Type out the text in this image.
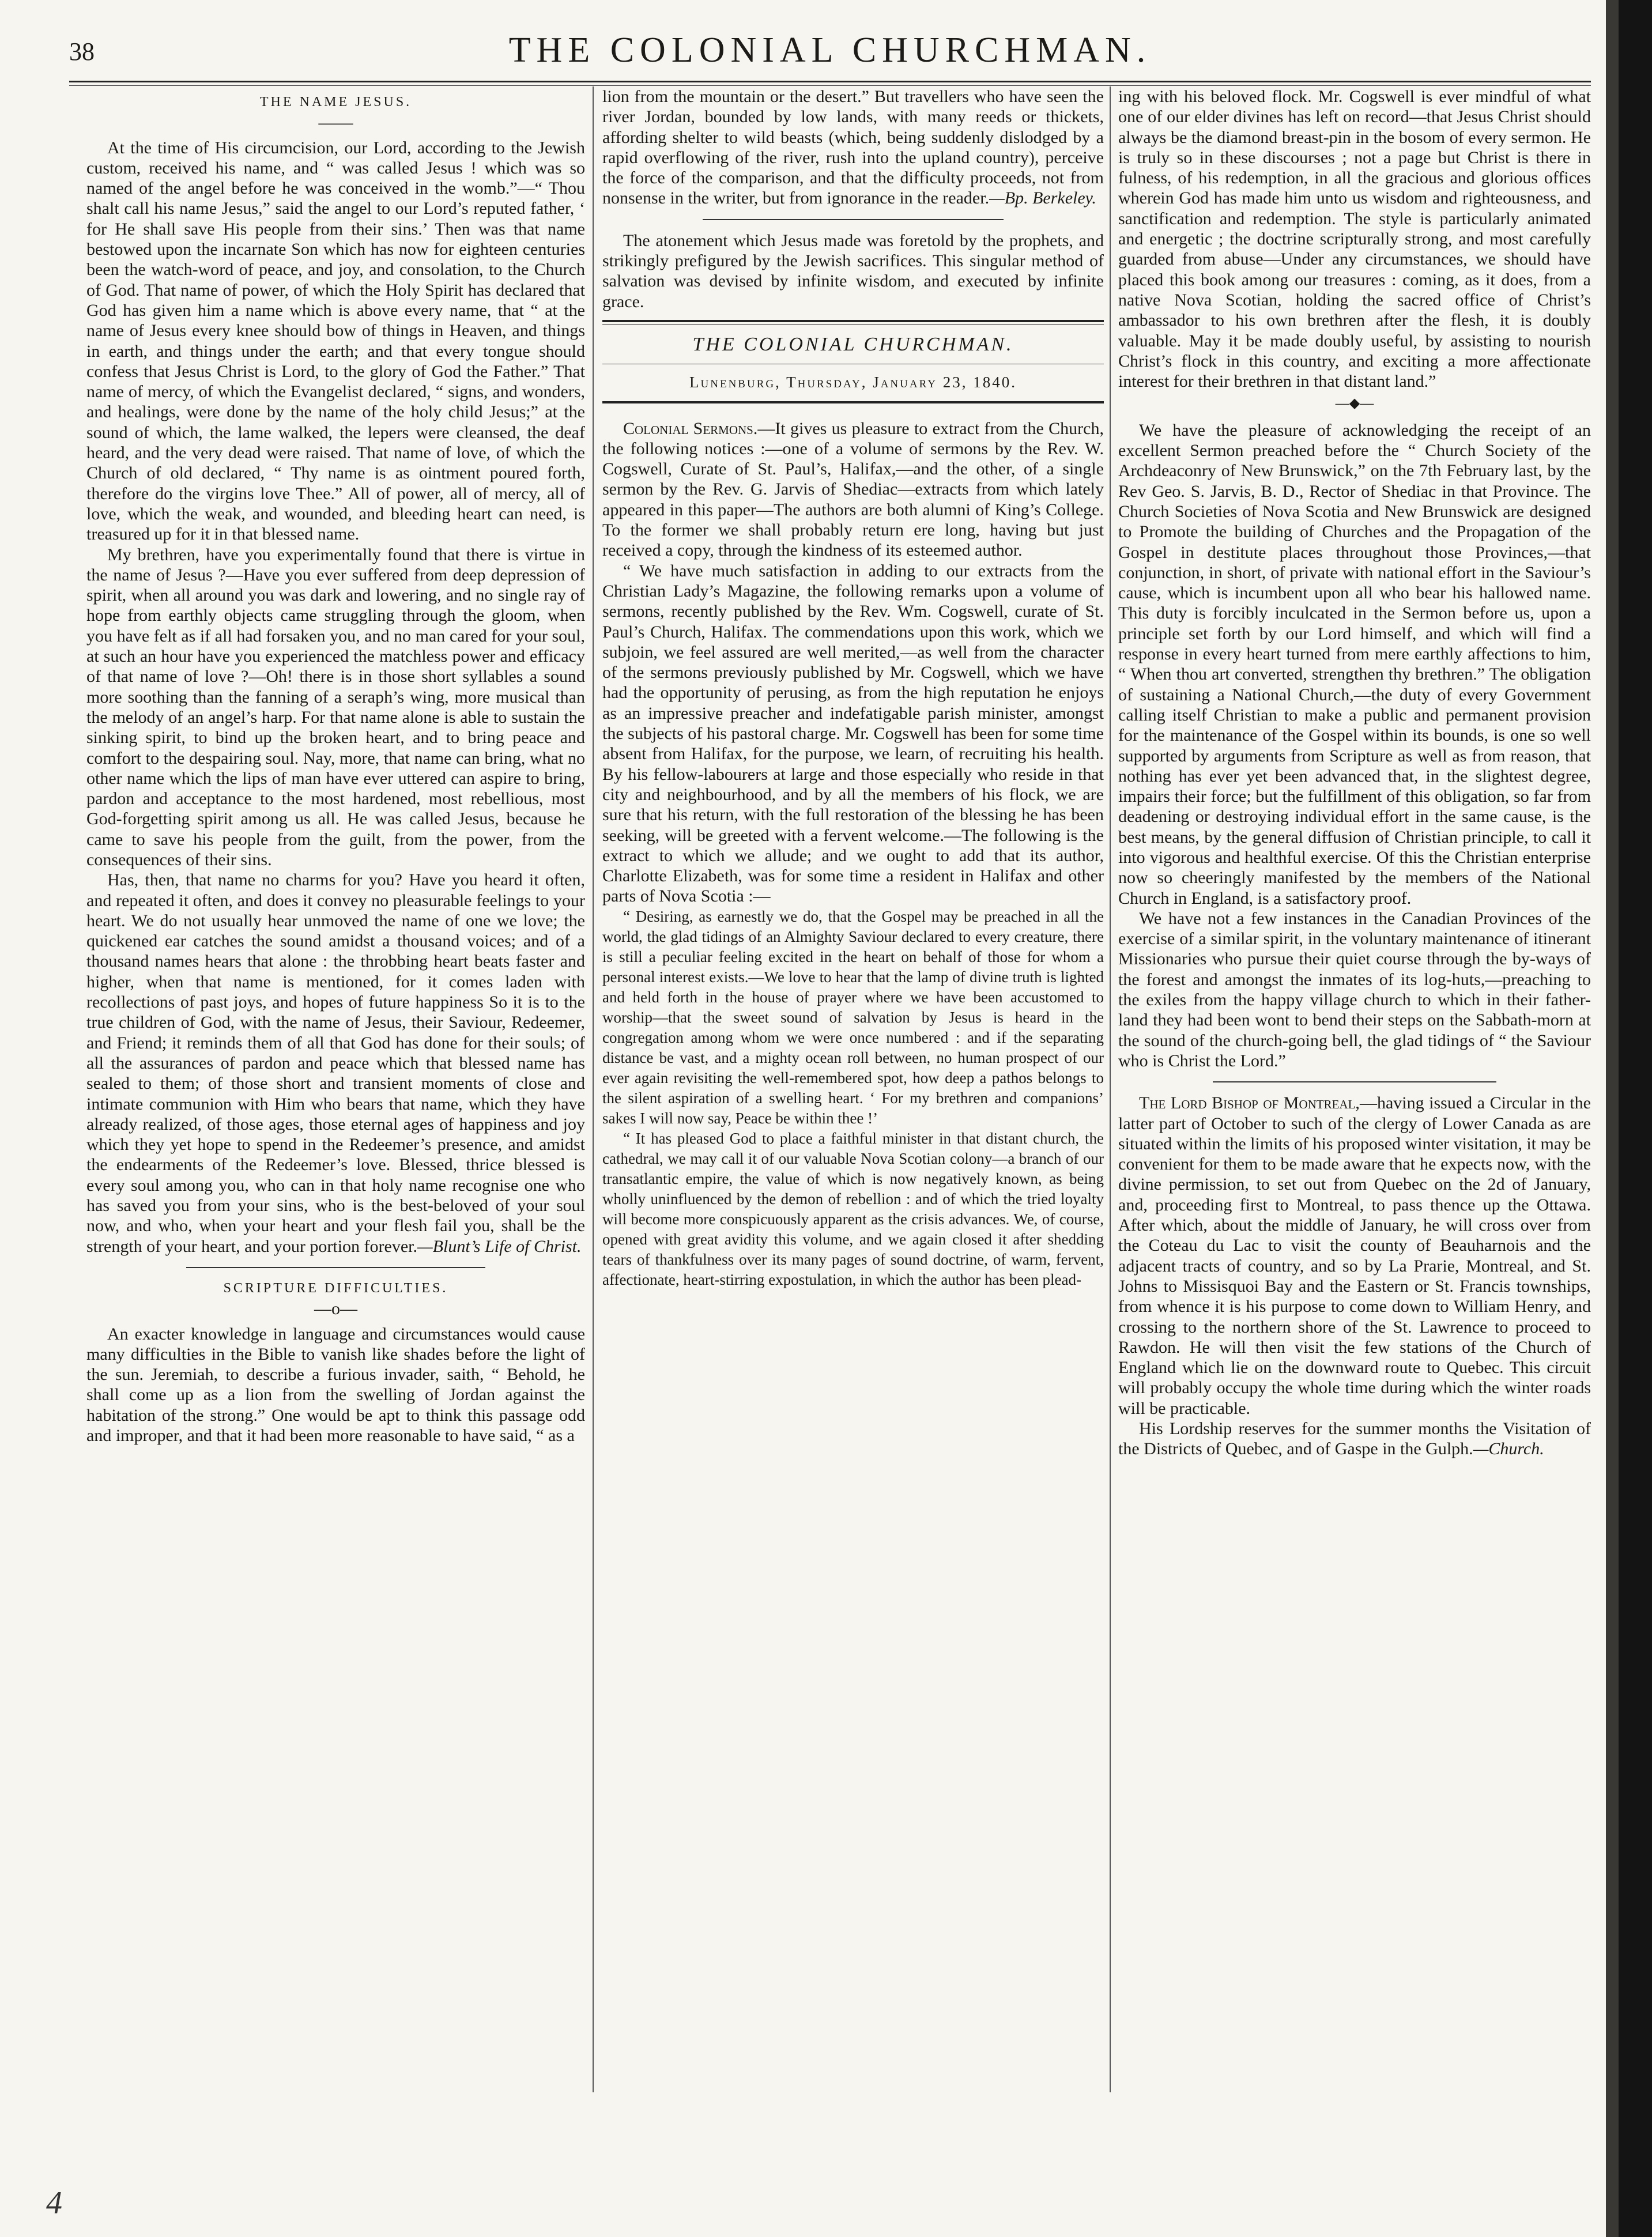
38	THE COLONIAL CHURCHMAN.

THE NAME JESUS.

——

At the time of His circumcision, our Lord, according to the Jewish custom, received his name, and “ was called Jesus ! which was so named of the angel before he was conceived in the womb.”—“ Thou shalt call his name Jesus,” said the angel to our Lord’s reputed father, ‘ for He shall save His people from their sins.’ Then was that name bestowed upon the incarnate Son which has now for eighteen centuries been the watch-word of peace, and joy, and consolation, to the Church of God. That name of power, of which the Holy Spirit has declared that God has given him a name which is above every name, that “ at the name of Jesus every knee should bow of things in Heaven, and things in earth, and things under the earth; and that every tongue should confess that Jesus Christ is Lord, to the glory of God the Father.” That name of mercy, of which the Evangelist declared, “ signs, and wonders, and healings, were done by the name of the holy child Jesus;” at the sound of which, the lame walked, the lepers were cleansed, the deaf heard, and the very dead were raised. That name of love, of which the Church of old declared, “ Thy name is as ointment poured forth, therefore do the virgins love Thee.” All of power, all of mercy, all of love, which the weak, and wounded, and bleeding heart can need, is treasured up for it in that blessed name.

My brethren, have you experimentally found that there is virtue in the name of Jesus ?—Have you ever suffered from deep depression of spirit, when all around you was dark and lowering, and no single ray of hope from earthly objects came struggling through the gloom, when you have felt as if all had forsaken you, and no man cared for your soul, at such an hour have you experienced the matchless power and efficacy of that name of love ?—Oh! there is in those short syllables a sound more soothing than the fanning of a seraph’s wing, more musical than the melody of an angel’s harp. For that name alone is able to sustain the sinking spirit, to bind up the broken heart, and to bring peace and comfort to the despairing soul. Nay, more, that name can bring, what no other name which the lips of man have ever uttered can aspire to bring, pardon and acceptance to the most hardened, most rebellious, most God-forgetting spirit among us all. He was called Jesus, because he came to save his people from the guilt, from the power, from the consequences of their sins.

Has, then, that name no charms for you? Have you heard it often, and repeated it often, and does it convey no pleasurable feelings to your heart. We do not usually hear unmoved the name of one we love; the quickened ear catches the sound amidst a thousand voices; and of a thousand names hears that alone : the throbbing heart beats faster and higher, when that name is mentioned, for it comes laden with recollections of past joys, and hopes of future happiness So it is to the true children of God, with the name of Jesus, their Saviour, Redeemer, and Friend; it reminds them of all that God has done for their souls; of all the assurances of pardon and peace which that blessed name has sealed to them; of those short and transient moments of close and intimate communion with Him who bears that name, which they have already realized, of those ages, those eternal ages of happiness and joy which they yet hope to spend in the Redeemer’s presence, and amidst the endearments of the Redeemer’s love. Blessed, thrice blessed is every soul among you, who can in that holy name recognise one who has saved you from your sins, who is the best-beloved of your soul now, and who, when your heart and your flesh fail you, shall be the strength of your heart, and your portion forever.—Blunt’s Life of Christ.

SCRIPTURE DIFFICULTIES.

—o—

An exacter knowledge in language and circumstances would cause many difficulties in the Bible to vanish like shades before the light of the sun. Jeremiah, to describe a furious invader, saith, “ Behold, he shall come up as a lion from the swelling of Jordan against the habitation of the strong.” One would be apt to think this passage odd and improper, and that it had been more reasonable to have said, “ as a

lion from the mountain or the desert.” But travellers who have seen the river Jordan, bounded by low lands, with many reeds or thickets, affording shelter to wild beasts (which, being suddenly dislodged by a rapid overflowing of the river, rush into the upland country), perceive the force of the comparison, and that the difficulty proceeds, not from nonsense in the writer, but from ignorance in the reader.—Bp. Berkeley.

The atonement which Jesus made was foretold by the prophets, and strikingly prefigured by the Jewish sacrifices. This singular method of salvation was devised by infinite wisdom, and executed by infinite grace.

THE COLONIAL CHURCHMAN.

Lunenburg, Thursday, January 23, 1840.

Colonial Sermons.—It gives us pleasure to extract from the Church, the following notices :—one of a volume of sermons by the Rev. W. Cogswell, Curate of St. Paul’s, Halifax,—and the other, of a single sermon by the Rev. G. Jarvis of Shediac—extracts from which lately appeared in this paper—The authors are both alumni of King’s College. To the former we shall probably return ere long, having but just received a copy, through the kindness of its esteemed author.

“ We have much satisfaction in adding to our extracts from the Christian Lady’s Magazine, the following remarks upon a volume of sermons, recently published by the Rev. Wm. Cogswell, curate of St. Paul’s Church, Halifax. The commendations upon this work, which we subjoin, we feel assured are well merited,—as well from the character of the sermons previously published by Mr. Cogswell, which we have had the opportunity of perusing, as from the high reputation he enjoys as an impressive preacher and indefatigable parish minister, amongst the subjects of his pastoral charge. Mr. Cogswell has been for some time absent from Halifax, for the purpose, we learn, of recruiting his health. By his fellow-labourers at large and those especially who reside in that city and neighbourhood, and by all the members of his flock, we are sure that his return, with the full restoration of the blessing he has been seeking, will be greeted with a fervent welcome.—The following is the extract to which we allude; and we ought to add that its author, Charlotte Elizabeth, was for some time a resident in Halifax and other parts of Nova Scotia :—

“ Desiring, as earnestly we do, that the Gospel may be preached in all the world, the glad tidings of an Almighty Saviour declared to every creature, there is still a peculiar feeling excited in the heart on behalf of those for whom a personal interest exists.—We love to hear that the lamp of divine truth is lighted and held forth in the house of prayer where we have been accustomed to worship—that the sweet sound of salvation by Jesus is heard in the congregation among whom we were once numbered : and if the separating distance be vast, and a mighty ocean roll between, no human prospect of our ever again revisiting the well-remembered spot, how deep a pathos belongs to the silent aspiration of a swelling heart. ‘ For my brethren and companions’ sakes I will now say, Peace be within thee !’

“ It has pleased God to place a faithful minister in that distant church, the cathedral, we may call it of our valuable Nova Scotian colony—a branch of our transatlantic empire, the value of which is now negatively known, as being wholly uninfluenced by the demon of rebellion : and of which the tried loyalty will become more conspicuously apparent as the crisis advances. We, of course, opened with great avidity this volume, and we again closed it after shedding tears of thankfulness over its many pages of sound doctrine, of warm, fervent, affectionate, heart-stirring expostulation, in which the author has been plead-

ing with his beloved flock. Mr. Cogswell is ever mindful of what one of our elder divines has left on record—that Jesus Christ should always be the diamond breast-pin in the bosom of every sermon. He is truly so in these discourses ; not a page but Christ is there in fulness, of his redemption, in all the gracious and glorious offices wherein God has made him unto us wisdom and righteousness, and sanctification and redemption. The style is particularly animated and energetic ; the doctrine scripturally strong, and most carefully guarded from abuse—Under any circumstances, we should have placed this book among our treasures : coming, as it does, from a native Nova Scotian, holding the sacred office of Christ’s ambassador to his own brethren after the flesh, it is doubly valuable. May it be made doubly useful, by assisting to nourish Christ’s flock in this country, and exciting a more affectionate interest for their brethren in that distant land.”

—◆—

We have the pleasure of acknowledging the receipt of an excellent Sermon preached before the “ Church Society of the Archdeaconry of New Brunswick,” on the 7th February last, by the Rev Geo. S. Jarvis, B. D., Rector of Shediac in that Province. The Church Societies of Nova Scotia and New Brunswick are designed to Promote the building of Churches and the Propagation of the Gospel in destitute places throughout those Provinces,—that conjunction, in short, of private with national effort in the Saviour’s cause, which is incumbent upon all who bear his hallowed name. This duty is forcibly inculcated in the Sermon before us, upon a principle set forth by our Lord himself, and which will find a response in every heart turned from mere earthly affections to him, “ When thou art converted, strengthen thy brethren.” The obligation of sustaining a National Church,—the duty of every Government calling itself Christian to make a public and permanent provision for the maintenance of the Gospel within its bounds, is one so well supported by arguments from Scripture as well as from reason, that nothing has ever yet been advanced that, in the slightest degree, impairs their force; but the fulfillment of this obligation, so far from deadening or destroying individual effort in the same cause, is the best means, by the general diffusion of Christian principle, to call it into vigorous and healthful exercise. Of this the Christian enterprise now so cheeringly manifested by the members of the National Church in England, is a satisfactory proof.

We have not a few instances in the Canadian Provinces of the exercise of a similar spirit, in the voluntary maintenance of itinerant Missionaries who pursue their quiet course through the by-ways of the forest and amongst the inmates of its log-huts,—preaching to the exiles from the happy village church to which in their father-land they had been wont to bend their steps on the Sabbath-morn at the sound of the church-going bell, the glad tidings of “ the Saviour who is Christ the Lord.”

The Lord Bishop of Montreal,—having issued a Circular in the latter part of October to such of the clergy of Lower Canada as are situated within the limits of his proposed winter visitation, it may be convenient for them to be made aware that he expects now, with the divine permission, to set out from Quebec on the 2d of January, and, proceeding first to Montreal, to pass thence up the Ottawa. After which, about the middle of January, he will cross over from the Coteau du Lac to visit the county of Beauharnois and the adjacent tracts of country, and so by La Prarie, Montreal, and St. Johns to Missisquoi Bay and the Eastern or St. Francis townships, from whence it is his purpose to come down to William Henry, and crossing to the northern shore of the St. Lawrence to proceed to Rawdon. He will then visit the few stations of the Church of England which lie on the downward route to Quebec. This circuit will probably occupy the whole time during which the winter roads will be practicable.

His Lordship reserves for the summer months the Visitation of the Districts of Quebec, and of Gaspe in the Gulph.—Church.

4
